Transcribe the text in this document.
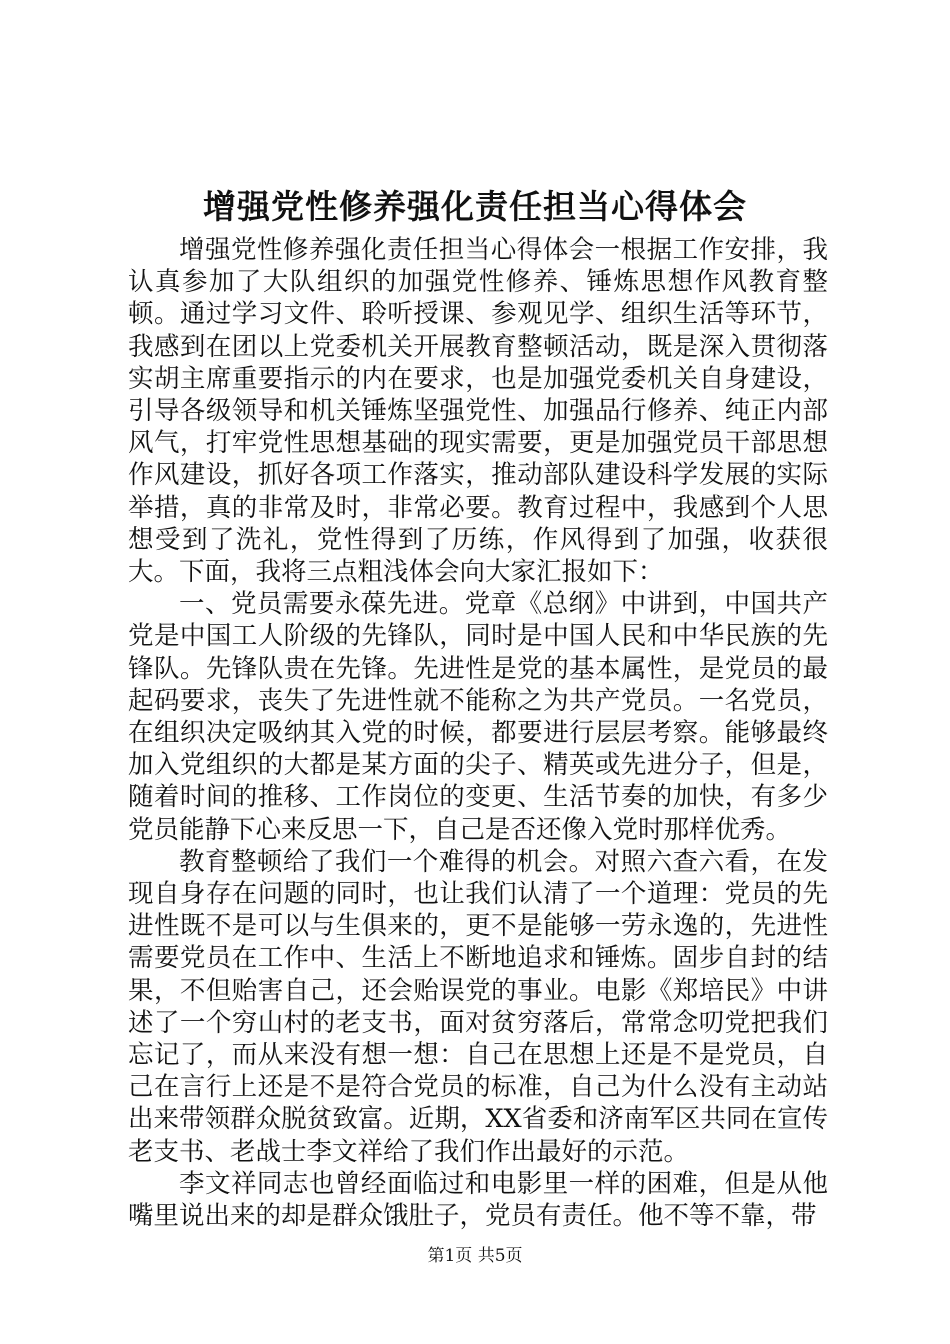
增强党性修养强化责任担当心得体会

增强党性修养强化责任担当心得体会一根据工作安排，我认真参加了大队组织的加强党性修养、锤炼思想作风教育整顿。通过学习文件、聆听授课、参观见学、组织生活等环节，我感到在团以上党委机关开展教育整顿活动，既是深入贯彻落实胡主席重要指示的内在要求，也是加强党委机关自身建设，引导各级领导和机关锤炼坚强党性、加强品行修养、纯正内部风气，打牢党性思想基础的现实需要，更是加强党员干部思想作风建设，抓好各项工作落实，推动部队建设科学发展的实际举措，真的非常及时，非常必要。教育过程中，我感到个人思想受到了洗礼，党性得到了历练，作风得到了加强，收获很大。下面，我将三点粗浅体会向大家汇报如下：

一、党员需要永葆先进。党章《总纲》中讲到，中国共产党是中国工人阶级的先锋队，同时是中国人民和中华民族的先锋队。先锋队贵在先锋。先进性是党的基本属性，是党员的最起码要求，丧失了先进性就不能称之为共产党员。一名党员，在组织决定吸纳其入党的时候，都要进行层层考察。能够最终加入党组织的大都是某方面的尖子、精英或先进分子，但是，随着时间的推移、工作岗位的变更、生活节奏的加快，有多少党员能静下心来反思一下，自己是否还像入党时那样优秀。

教育整顿给了我们一个难得的机会。对照六查六看，在发现自身存在问题的同时，也让我们认清了一个道理：党员的先进性既不是可以与生俱来的，更不是能够一劳永逸的，先进性需要党员在工作中、生活上不断地追求和锤炼。固步自封的结果，不但贻害自己，还会贻误党的事业。电影《郑培民》中讲述了一个穷山村的老支书，面对贫穷落后，常常念叨党把我们忘记了，而从来没有想一想：自己在思想上还是不是党员，自己在言行上还是不是符合党员的标准，自己为什么没有主动站出来带领群众脱贫致富。近期，XX省委和济南军区共同在宣传老支书、老战士李文祥给了我们作出最好的示范。

李文祥同志也曾经面临过和电影里一样的困难，但是从他嘴里说出来的却是群众饿肚子，党员有责任。他不等不靠，带

第1页 共5页
